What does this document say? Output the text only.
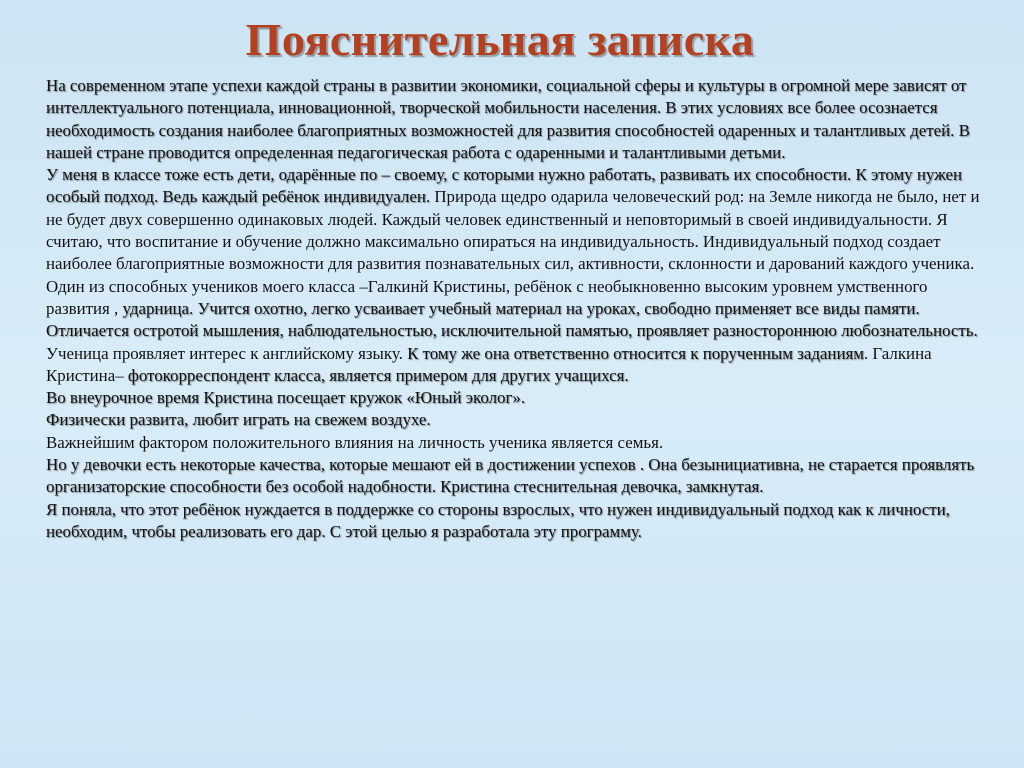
Пояснительная записка

На современном этапе успехи каждой страны в развитии экономики, социальной сферы и культуры в огромной мере зависят от интеллектуального потенциала, инновационной, творческой мобильности населения. В этих условиях все более осознается необходимость создания наиболее благоприятных возможностей для развития способностей одаренных и талантливых детей. В нашей стране проводится определенная педагогическая работа с одаренными и талантливыми детьми.

У меня в классе тоже есть дети, одарённые по – своему, с которыми нужно работать, развивать их способности. К этому нужен особый подход. Ведь каждый ребёнок индивидуален. Природа щедро одарила человеческий род: на Земле никогда не было, нет и не будет двух совершенно одинаковых людей. Каждый человек единственный и неповторимый в своей индивидуальности. Я считаю, что воспитание и обучение должно максимально опираться на индивидуальность. Индивидуальный подход создает наиболее благоприятные возможности для развития познавательных сил, активности, склонности и дарований каждого ученика.

Один из способных учеников моего класса –Галкинй Кристины, ребёнок с необыкновенно высоким уровнем умственного развития , ударница. Учится охотно, легко усваивает учебный материал на уроках, свободно применяет все виды памяти. Отличается остротой мышления, наблюдательностью, исключительной памятью, проявляет разностороннюю любознательность. Ученица проявляет интерес к английскому языку. К тому же она ответственно относится к порученным заданиям. Галкина Кристина– фотокорреспондент класса, является примером для других учащихся.

Во внеурочное время Кристина посещает кружок «Юный эколог».

Физически развита, любит играть на свежем воздухе.

Важнейшим фактором положительного влияния на личность ученика является семья.

Но у девочки есть некоторые качества, которые мешают ей в достижении успехов . Она безынициативна, не старается проявлять организаторские способности без особой надобности. Кристина стеснительная девочка, замкнутая.

Я поняла, что этот ребёнок нуждается в поддержке со стороны взрослых, что нужен индивидуальный подход как к личности, необходим, чтобы реализовать его дар. С этой целью я разработала эту программу.
